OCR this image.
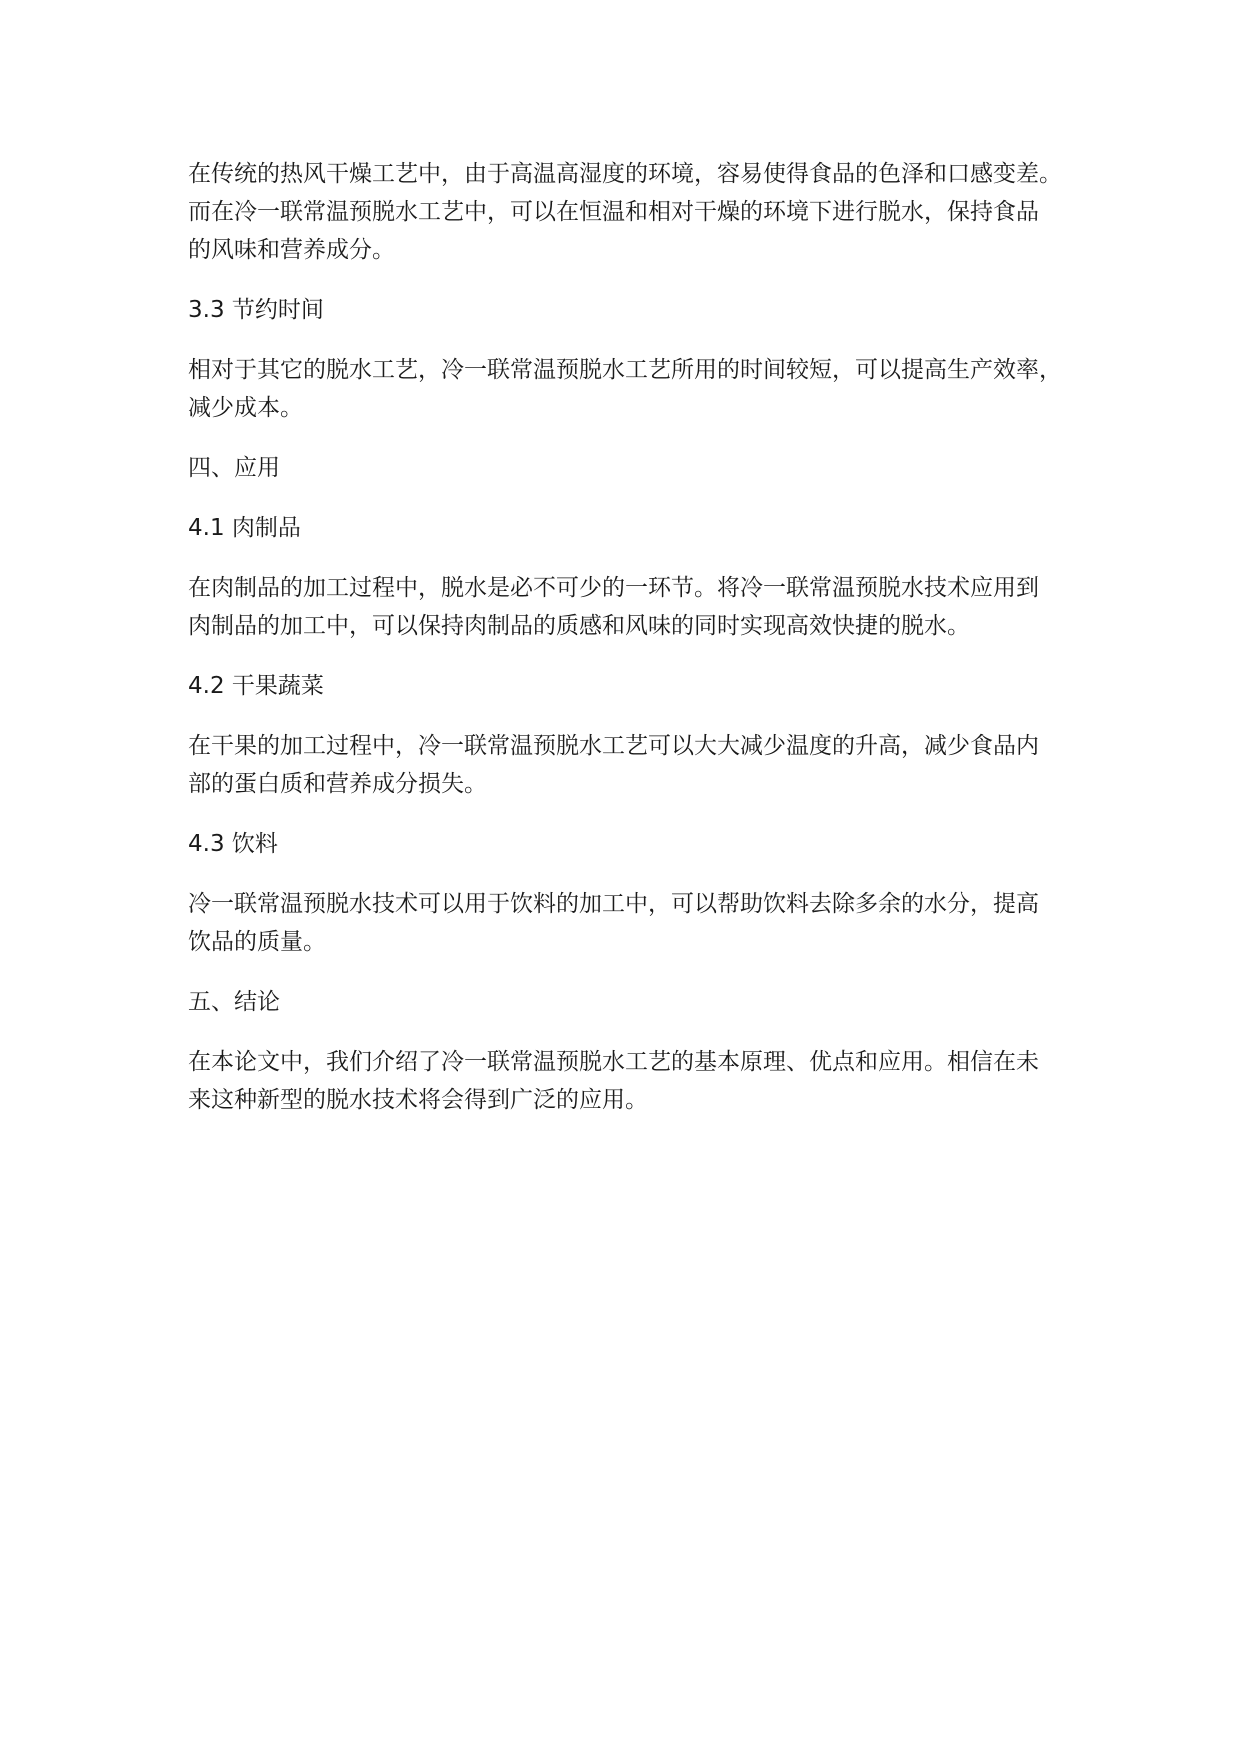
在传统的热风干燥工艺中，由于高温高湿度的环境，容易使得食品的色泽和口感变差。
而在冷一联常温预脱水工艺中，可以在恒温和相对干燥的环境下进行脱水，保持食品
的风味和营养成分。
3.3 节约时间
相对于其它的脱水工艺，冷一联常温预脱水工艺所用的时间较短，可以提高生产效率，
减少成本。
四、应用
4.1 肉制品
在肉制品的加工过程中，脱水是必不可少的一环节。将冷一联常温预脱水技术应用到
肉制品的加工中，可以保持肉制品的质感和风味的同时实现高效快捷的脱水。
4.2 干果蔬菜
在干果的加工过程中，冷一联常温预脱水工艺可以大大减少温度的升高，减少食品内
部的蛋白质和营养成分损失。
4.3 饮料
冷一联常温预脱水技术可以用于饮料的加工中，可以帮助饮料去除多余的水分，提高
饮品的质量。
五、结论
在本论文中，我们介绍了冷一联常温预脱水工艺的基本原理、优点和应用。相信在未
来这种新型的脱水技术将会得到广泛的应用。
